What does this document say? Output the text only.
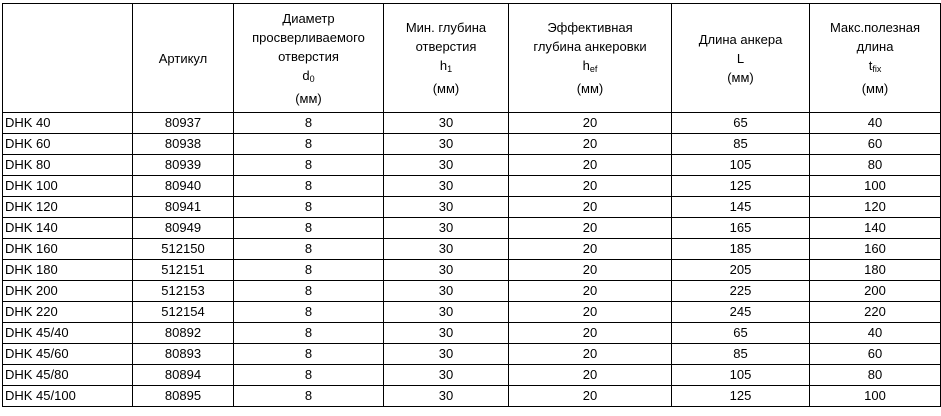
	Артикул	Диаметр
просверливаемого
отверстия
$d_0$
(мм)	Мин. глубина
отверстия
$h_1$
(мм)	Эффективная
глубина анкеровки
$h_{ef}$
(мм)	Длина анкера
L
(мм)	Макс.полезная
длина
$t_{fix}$
(мм)

DHK 40	80937	8	30	20	65	40
DHK 60	80938	8	30	20	85	60
DHK 80	80939	8	30	20	105	80
DHK 100	80940	8	30	20	125	100
DHK 120	80941	8	30	20	145	120
DHK 140	80949	8	30	20	165	140
DHK 160	512150	8	30	20	185	160
DHK 180	512151	8	30	20	205	180
DHK 200	512153	8	30	20	225	200
DHK 220	512154	8	30	20	245	220
DHK 45/40	80892	8	30	20	65	40
DHK 45/60	80893	8	30	20	85	60
DHK 45/80	80894	8	30	20	105	80
DHK 45/100	80895	8	30	20	125	100
